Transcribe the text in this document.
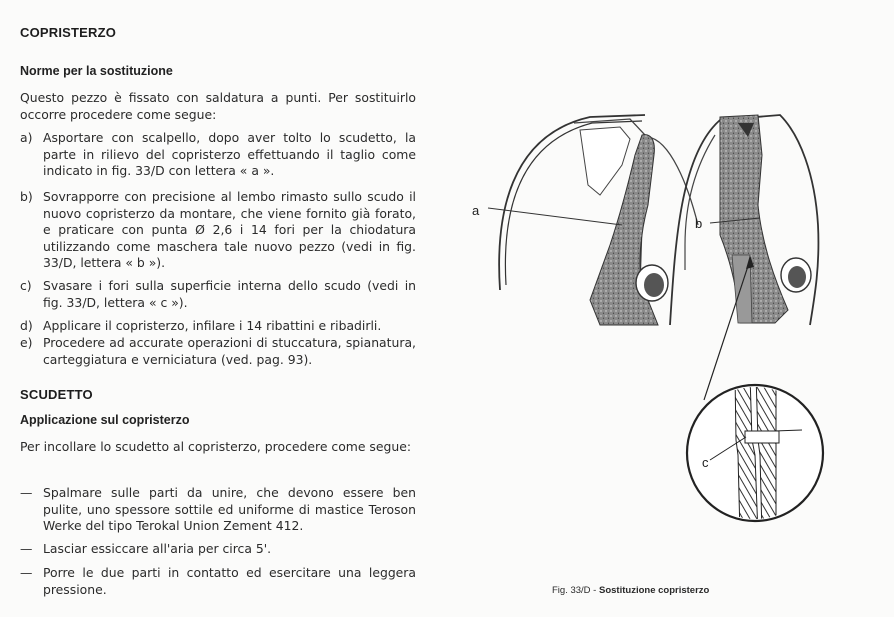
COPRISTERZO
Norme per la sostituzione
Questo pezzo è fissato con saldatura a punti. Per sostituirlo occorre procedere come segue:
a) Asportare con scalpello, dopo aver tolto lo scudetto, la parte in rilievo del copristerzo effettuando il taglio come indicato in fig. 33/D con lettera « a ».
b) Sovrapporre con precisione al lembo rimasto sullo scudo il nuovo copristerzo da montare, che viene fornito già forato, e praticare con punta Ø 2,6 i 14 fori per la chiodatura utilizzando come maschera tale nuovo pezzo (vedi in fig. 33/D, lettera « b »).
c) Svasare i fori sulla superficie interna dello scudo (vedi in fig. 33/D, lettera « c »).
d) Applicare il copristerzo, infilare i 14 ribattini e ribadirli.
e) Procedere ad accurate operazioni di stuccatura, spianatura, carteggiatura e verniciatura (ved. pag. 93).
SCUDETTO
Applicazione sul copristerzo
Per incollare lo scudetto al copristerzo, procedere come segue:
— Spalmare sulle parti da unire, che devono essere ben pulite, uno spessore sottile ed uniforme di mastice Teroson Werke del tipo Terokal Union Zement 412.
— Lasciar essiccare all'aria per circa 5'.
— Porre le due parti in contatto ed esercitare una leggera pressione.
a
b
c
Fig. 33/D - Sostituzione copristerzo
